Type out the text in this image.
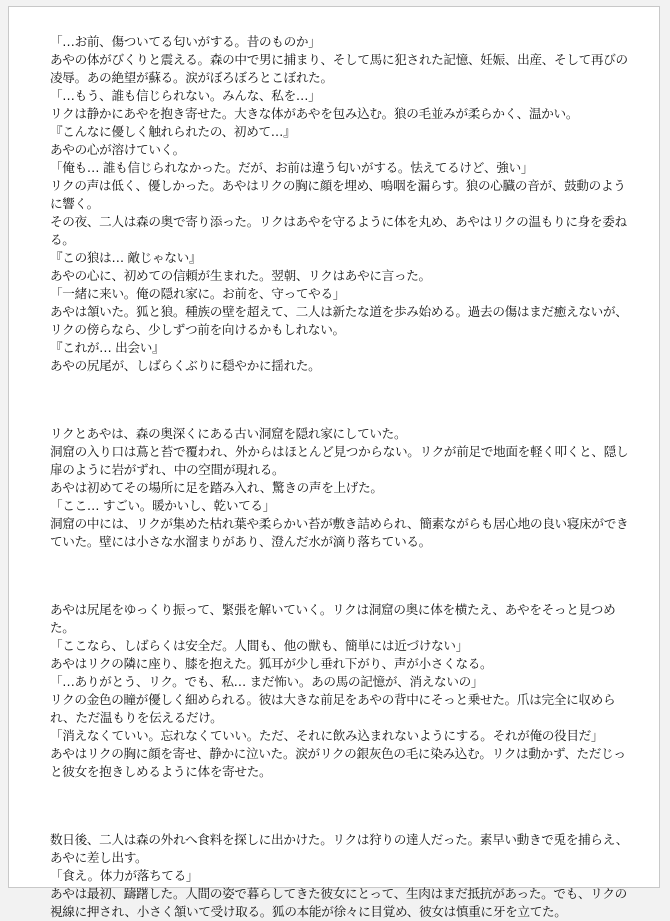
「…お前、傷ついてる匂いがする。昔のものか」

あやの体がびくりと震える。森の中で男に捕まり、そして馬に犯された記憶、妊娠、出産、そして再びの凌辱。あの絶望が蘇る。涙がぼろぼろとこぼれた。

「…もう、誰も信じられない。みんな、私を…」

リクは静かにあやを抱き寄せた。大きな体があやを包み込む。狼の毛並みが柔らかく、温かい。

『こんなに優しく触れられたの、初めて…』

あやの心が溶けていく。

「俺も… 誰も信じられなかった。だが、お前は違う匂いがする。怯えてるけど、強い」

リクの声は低く、優しかった。あやはリクの胸に顔を埋め、嗚咽を漏らす。狼の心臓の音が、鼓動のように響く。

その夜、二人は森の奥で寄り添った。リクはあやを守るように体を丸め、あやはリクの温もりに身を委ねる。

『この狼は… 敵じゃない』

あやの心に、初めての信頼が生まれた。翌朝、リクはあやに言った。

「一緒に来い。俺の隠れ家に。お前を、守ってやる」

あやは頷いた。狐と狼。種族の壁を超えて、二人は新たな道を歩み始める。過去の傷はまだ癒えないが、リクの傍らなら、少しずつ前を向けるかもしれない。

『これが… 出会い』

あやの尻尾が、しばらくぶりに穏やかに揺れた。

リクとあやは、森の奥深くにある古い洞窟を隠れ家にしていた。

洞窟の入り口は蔦と苔で覆われ、外からはほとんど見つからない。リクが前足で地面を軽く叩くと、隠し扉のように岩がずれ、中の空間が現れる。

あやは初めてその場所に足を踏み入れ、驚きの声を上げた。

「ここ… すごい。暖かいし、乾いてる」

洞窟の中には、リクが集めた枯れ葉や柔らかい苔が敷き詰められ、簡素ながらも居心地の良い寝床ができていた。壁には小さな水溜まりがあり、澄んだ水が滴り落ちている。

あやは尻尾をゆっくり振って、緊張を解いていく。リクは洞窟の奥に体を横たえ、あやをそっと見つめた。

「ここなら、しばらくは安全だ。人間も、他の獣も、簡単には近づけない」

あやはリクの隣に座り、膝を抱えた。狐耳が少し垂れ下がり、声が小さくなる。

「…ありがとう、リク。でも、私… まだ怖い。あの馬の記憶が、消えないの」

リクの金色の瞳が優しく細められる。彼は大きな前足をあやの背中にそっと乗せた。爪は完全に収められ、ただ温もりを伝えるだけ。

「消えなくていい。忘れなくていい。ただ、それに飲み込まれないようにする。それが俺の役目だ」

あやはリクの胸に顔を寄せ、静かに泣いた。涙がリクの銀灰色の毛に染み込む。リクは動かず、ただじっと彼女を抱きしめるように体を寄せた。

数日後、二人は森の外れへ食料を探しに出かけた。リクは狩りの達人だった。素早い動きで兎を捕らえ、あやに差し出す。

「食え。体力が落ちてる」

あやは最初、躊躇した。人間の姿で暮らしてきた彼女にとって、生肉はまだ抵抗があった。でも、リクの視線に押され、小さく頷いて受け取る。狐の本能が徐々に目覚め、彼女は慎重に牙を立てた。
